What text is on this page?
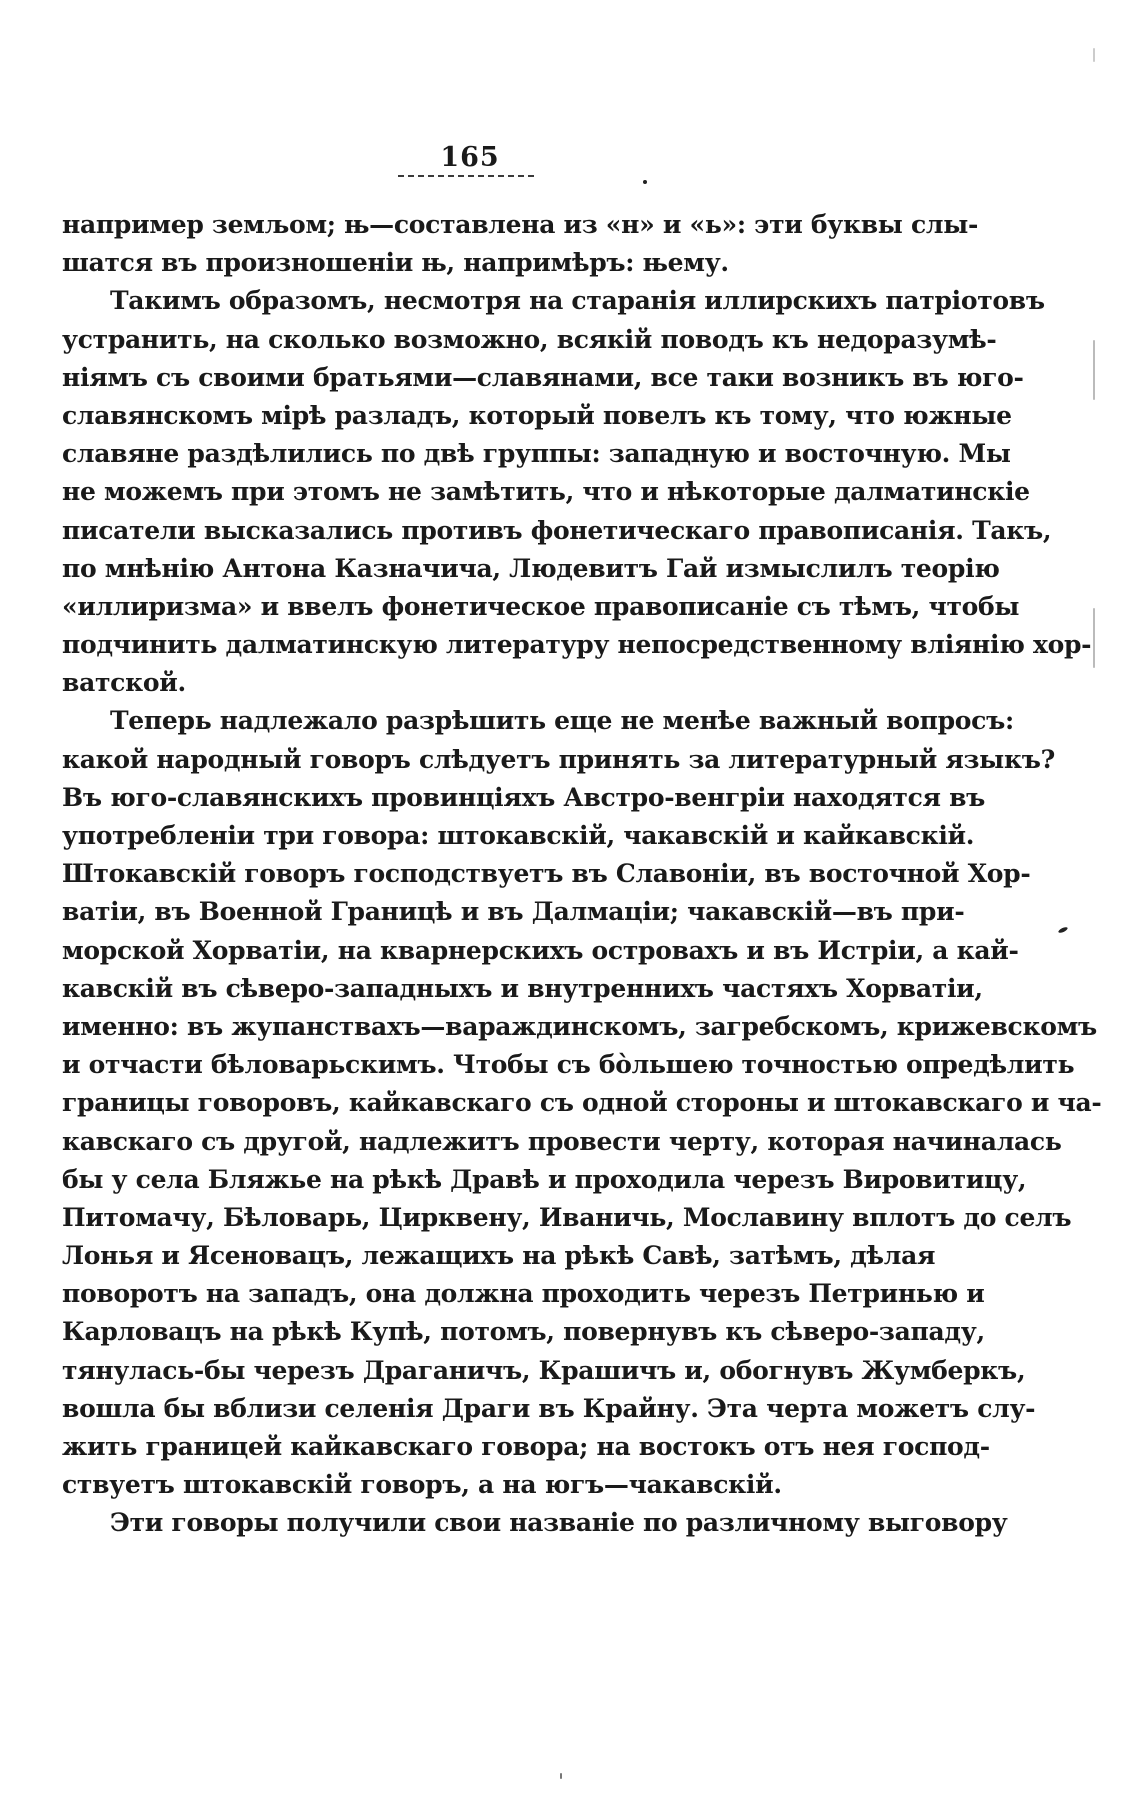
165
например земљом; њ—составлена из «н» и «ь»: эти буквы слы-
шатся въ произношеніи њ, напримѣръ: њему.
Такимъ образомъ, несмотря на старанія иллирскихъ патріотовъ
устранить, на сколько возможно, всякій поводъ къ недоразумѣ-
ніямъ съ своими братьями—славянами, все таки возникъ въ юго-
славянскомъ мірѣ разладъ, который повелъ къ тому, что южные
славяне раздѣлились по двѣ группы: западную и восточную. Мы
не можемъ при этомъ не замѣтить, что и нѣкоторые далматинскіе
писатели высказались противъ фонетическаго правописанія. Такъ,
по мнѣнію Антона Казначича, Людевитъ Гай измыслилъ теорію
«иллиризма» и ввелъ фонетическое правописаніе съ тѣмъ, чтобы
подчинить далматинскую литературу непосредственному вліянію хор-
ватской.
Теперь надлежало разрѣшить еще не менѣе важный вопросъ:
какой народный говоръ слѣдуетъ принять за литературный языкъ?
Въ юго-славянскихъ провинціяхъ Австро-венгріи находятся въ
употребленіи три говора: штокавскій, чакавскій и кайкавскій.
Штокавскій говоръ господствуетъ въ Славоніи, въ восточной Хор-
ватіи, въ Военной Границѣ и въ Далмаціи; чакавскій—въ при-
морской Хорватіи, на кварнерскихъ островахъ и въ Истріи, а кай-
кавскій въ сѣверо-западныхъ и внутреннихъ частяхъ Хорватіи,
именно: въ жупанствахъ—вараждинскомъ, загребскомъ, крижевскомъ
и отчасти бѣловарьскимъ. Чтобы съ бо̀льшею точностью опредѣлить
границы говоровъ, кайкавскаго съ одной стороны и штокавскаго и ча-
кавскаго съ другой, надлежитъ провести черту, которая начиналась
бы у села Бляжье на рѣкѣ Дравѣ и проходила черезъ Вировитицу,
Питомачу, Бѣловарь, Цирквену, Иваничь, Мославину вплотъ до селъ
Лонья и Ясеновацъ, лежащихъ на рѣкѣ Савѣ, затѣмъ, дѣлая
поворотъ на западъ, она должна проходить черезъ Петринью и
Карловацъ на рѣкѣ Купѣ, потомъ, повернувъ къ сѣверо-западу,
тянулась-бы черезъ Драганичъ, Крашичъ и, обогнувъ Жумберкъ,
вошла бы вблизи селенія Драги въ Крайну. Эта черта можетъ слу-
жить границей кайкавскаго говора; на востокъ отъ нея господ-
ствуетъ штокавскій говоръ, а на югъ—чакавскій.
Эти говоры получили свои названіе по различному выговору
